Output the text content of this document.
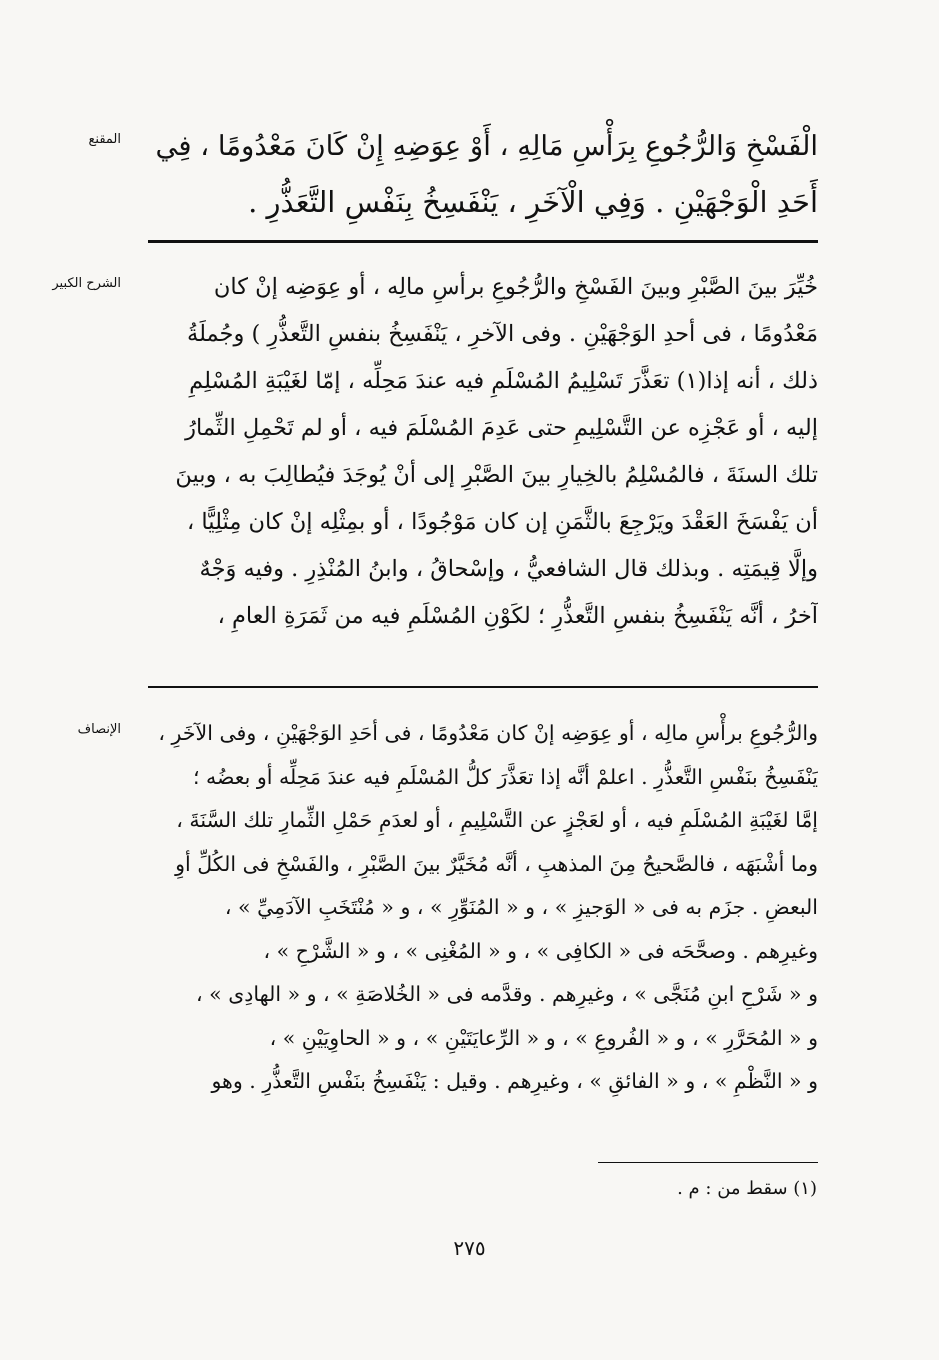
المقنع الْفَسْخِ وَالرُّجُوعِ بِرَأْسِ مَالِهِ ، أَوْ عِوَضِهِ إِنْ كَانَ مَعْدُومًا ، فِي
أَحَدِ الْوَجْهَيْنِ . وَفِي الْآخَرِ ، يَنْفَسِخُ بِنَفْسِ التَّعَذُّرِ .
الشرح الكبير	خُيِّرَ بينَ الصَّبْرِ وبينَ الفَسْخِ والرُّجُوعِ برأسِ مالِه ، أو عِوَضِه إنْ كان
مَعْدُومًا ، فى أحدِ الوَجْهَيْنِ . وفى الآخرِ ، يَنْفَسِخُ بنفسِ التَّعذُّرِ ) وجُملَةُ
ذلك ، أنه إذا(١) تعَذَّرَ تَسْلِيمُ المُسْلَمِ فيه عندَ مَحِلِّه ، إمّا لغَيْبَةِ المُسْلِمِ
إليه ، أو عَجْزِه عن التَّسْلِيمِ حتى عَدِمَ المُسْلَمَ فيه ، أو لم تَحْمِلِ الثِّمارُ
تلك السنَةَ ، فالمُسْلِمُ بالخِيارِ بينَ الصَّبْرِ إلى أنْ يُوجَدَ فيُطالِبَ به ، وبينَ
أن يَفْسَخَ العَقْدَ ويَرْجِعَ بالثَّمَنِ إن كان مَوْجُودًا ، أو بمِثْلِه إنْ كان مِثْلِيًّا ،
وإلَّا قِيمَتِه . وبذلك قال الشافعيُّ ، وإسْحاقُ ، وابنُ المُنْذِرِ . وفيه وَجْهٌ
آخرُ ، أنَّه يَنْفَسِخُ بنفسِ التَّعذُّرِ ؛ لكَوْنِ المُسْلَمِ فيه من ثَمَرَةِ العامِ ،
الإنصاف	والرُّجُوعِ برأْسِ مالِه ، أو عِوَضِه إنْ كان مَعْدُومًا ، فى أحَدِ الوَجْهَيْنِ ، وفى الآخَرِ ،
يَنْفَسِخُ بنَفْسِ التَّعذُّرِ . اعلمْ أنَّه إذا تعَذَّرَ كلُّ المُسْلَمِ فيه عندَ مَحِلِّه أو بعضُه ؛
إمَّا لغَيْبَةِ المُسْلَمِ فيه ، أو لعَجْزٍ عن التَّسْلِيمِ ، أو لعدَمِ حَمْلِ الثِّمارِ تلك السَّنَةَ ،
وما أشْبَهَه ، فالصَّحيحُ مِنَ المذهبِ ، أنَّه مُخَيَّرٌ بينَ الصَّبْرِ ، والفَسْخِ فى الكُلِّ أوِ
البعضِ . جزَم به فى « الوَجيزِ » ، و « المُنَوِّرِ » ، و « مُنْتَخَبِ الآدَمِيِّ » ،
وغيرِهم . وصحَّحَه فى « الكافِى » ، و « المُغْنِى » ، و « الشَّرْحِ » ،
و « شَرْحِ ابنِ مُنَجَّى » ، وغيرِهم . وقدَّمه فى « الخُلاصَةِ » ، و « الهادِى » ،
و « المُحَرَّرِ » ، و « الفُروعِ » ، و « الرِّعايَتَيْنِ » ، و « الحاوِيَيْنِ » ،
و « النَّظْمِ » ، و « الفائقِ » ، وغيرِهم . وقيل : يَنْفَسِخُ بنَفْسِ التَّعذُّرِ . وهو
(١) سقط من : م .
٢٧٥
